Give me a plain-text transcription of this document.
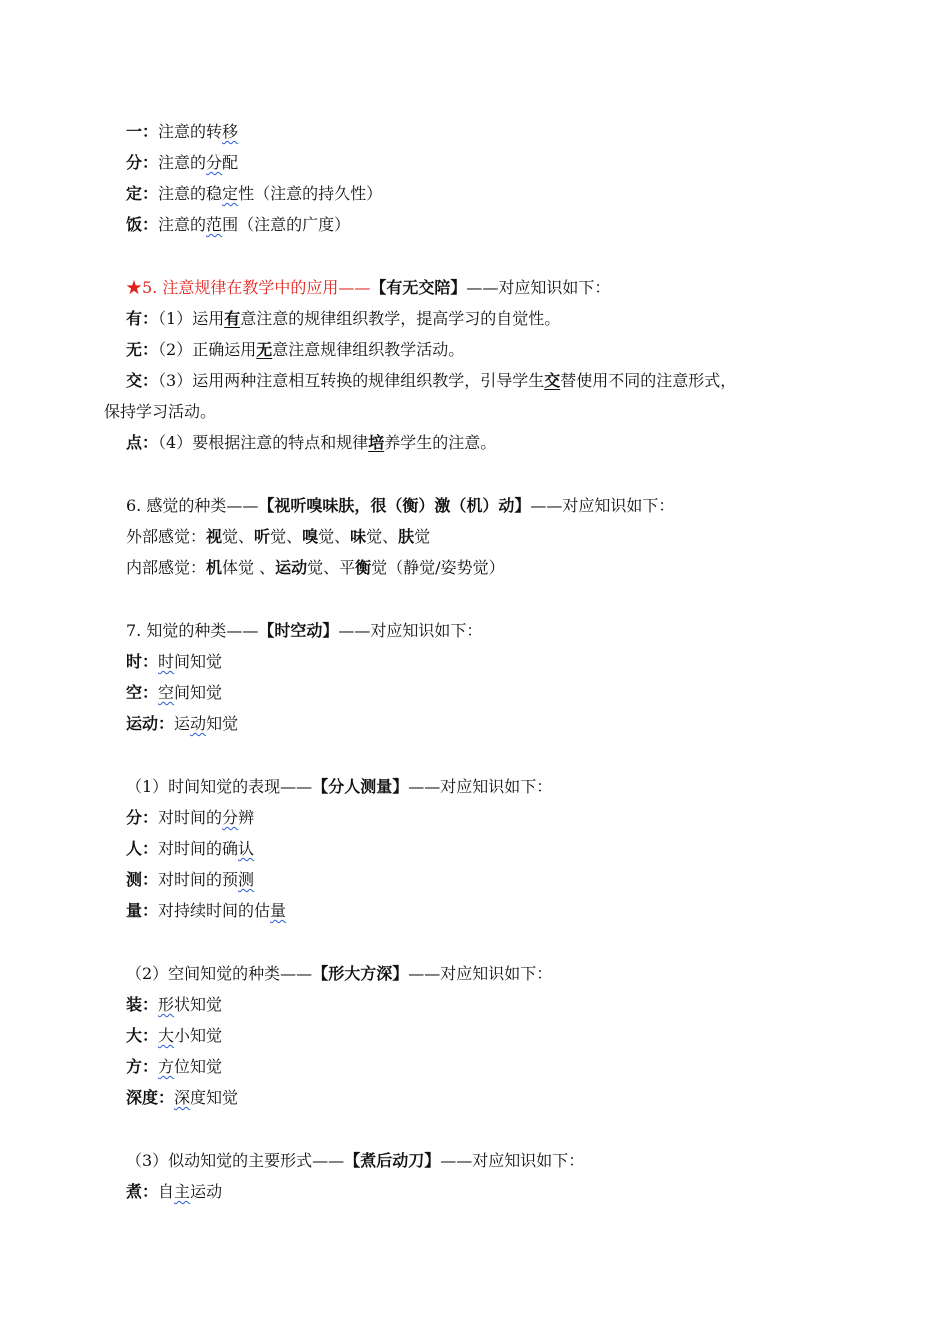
一：注意的转移
分：注意的分配
定：注意的稳定性（注意的持久性）
饭：注意的范围（注意的广度）
★5. 注意规律在教学中的应用——【有无交陪】——对应知识如下：
有：（1）运用有意注意的规律组织教学，提高学习的自觉性。
无：（2）正确运用无意注意规律组织教学活动。
交：（3）运用两种注意相互转换的规律组织教学，引导学生交替使用不同的注意形式，
保持学习活动。
点：（4）要根据注意的特点和规律培养学生的注意。
6. 感觉的种类——【视听嗅味肤，很（衡）激（机）动】——对应知识如下：
外部感觉：视觉、听觉、嗅觉、味觉、肤觉
内部感觉：机体觉 、运动觉、平衡觉（静觉/姿势觉）
7. 知觉的种类——【时空动】——对应知识如下：
时：时间知觉
空：空间知觉
运动：运动知觉
（1）时间知觉的表现——【分人测量】——对应知识如下：
分：对时间的分辨
人：对时间的确认
测：对时间的预测
量：对持续时间的估量
（2）空间知觉的种类——【形大方深】——对应知识如下：
装：形状知觉
大：大小知觉
方：方位知觉
深度：深度知觉
（3）似动知觉的主要形式——【煮后动刀】——对应知识如下：
煮：自主运动
